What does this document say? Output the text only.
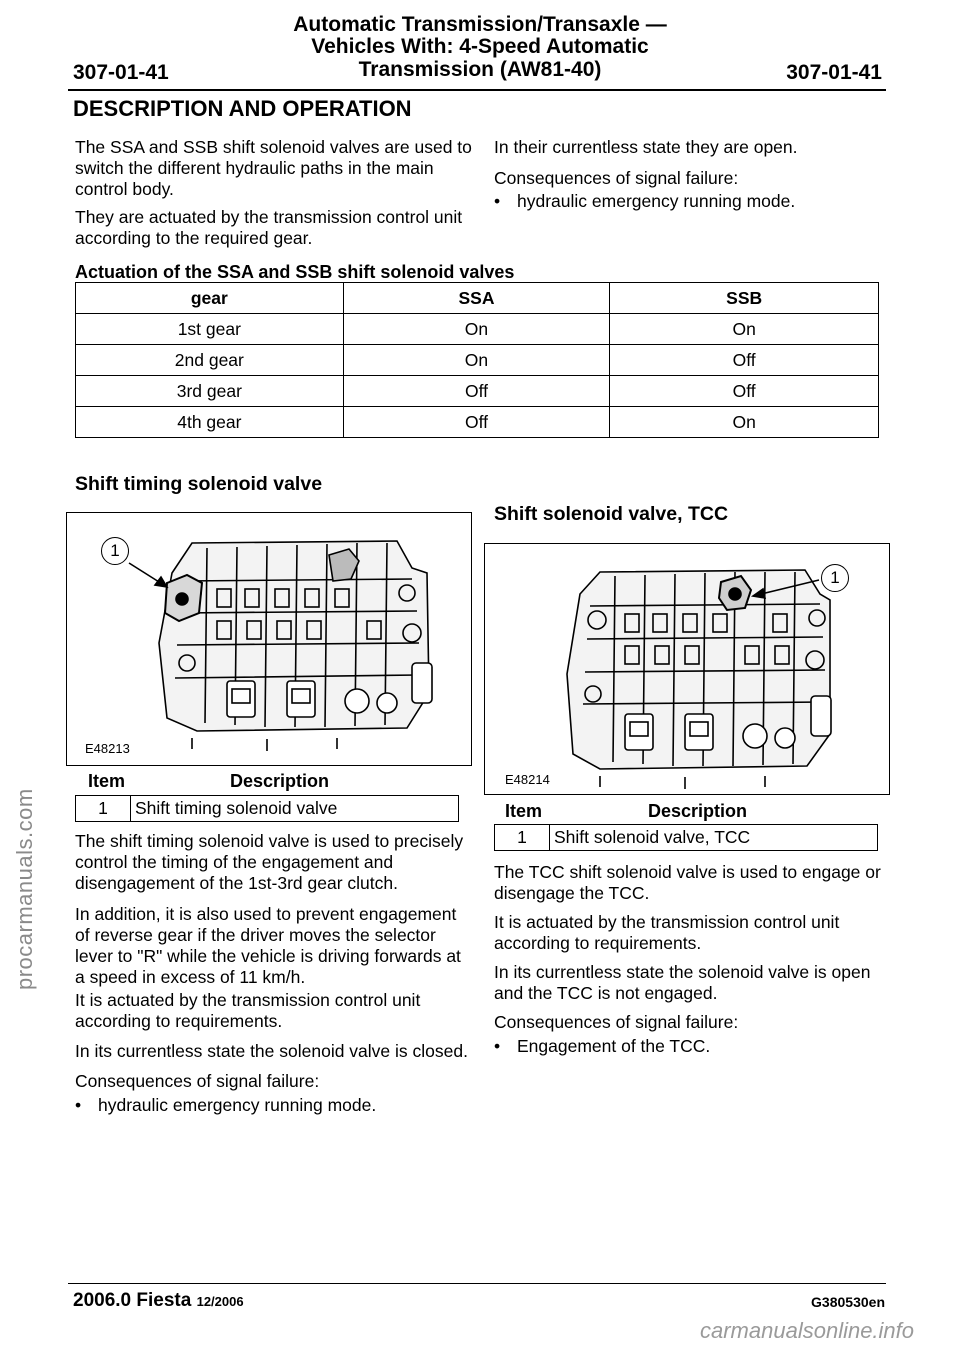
Automatic Transmission/Transaxle —
Vehicles With: 4-Speed Automatic
Transmission (AW81-40)
307-01-41	307-01-41
DESCRIPTION AND OPERATION
The SSA and SSB shift solenoid valves are used to switch the different hydraulic paths in the main control body.
They are actuated by the transmission control unit according to the required gear.
In their currentless state they are open.
Consequences of signal failure:
• hydraulic emergency running mode.
Actuation of the SSA and SSB shift solenoid valves
gear	SSA	SSB
1st gear	On	On
2nd gear	On	Off
3rd gear	Off	Off
4th gear	Off	On
Shift timing solenoid valve
1
E48213
Item	Description
1	Shift timing solenoid valve
The shift timing solenoid valve is used to precisely control the timing of the engagement and disengagement of the 1st-3rd gear clutch.
In addition, it is also used to prevent engagement of reverse gear if the driver moves the selector lever to "R" while the vehicle is driving forwards at a speed in excess of 11 km/h.
It is actuated by the transmission control unit according to requirements.
In its currentless state the solenoid valve is closed.
Consequences of signal failure:
• hydraulic emergency running mode.
Shift solenoid valve, TCC
1
E48214
Item	Description
1	Shift solenoid valve, TCC
The TCC shift solenoid valve is used to engage or disengage the TCC.
It is actuated by the transmission control unit according to requirements.
In its currentless state the solenoid valve is open and the TCC is not engaged.
Consequences of signal failure:
• Engagement of the TCC.
procarmanuals.com
2006.0 Fiesta 12/2006	G380530en
carmanualsonline.info
